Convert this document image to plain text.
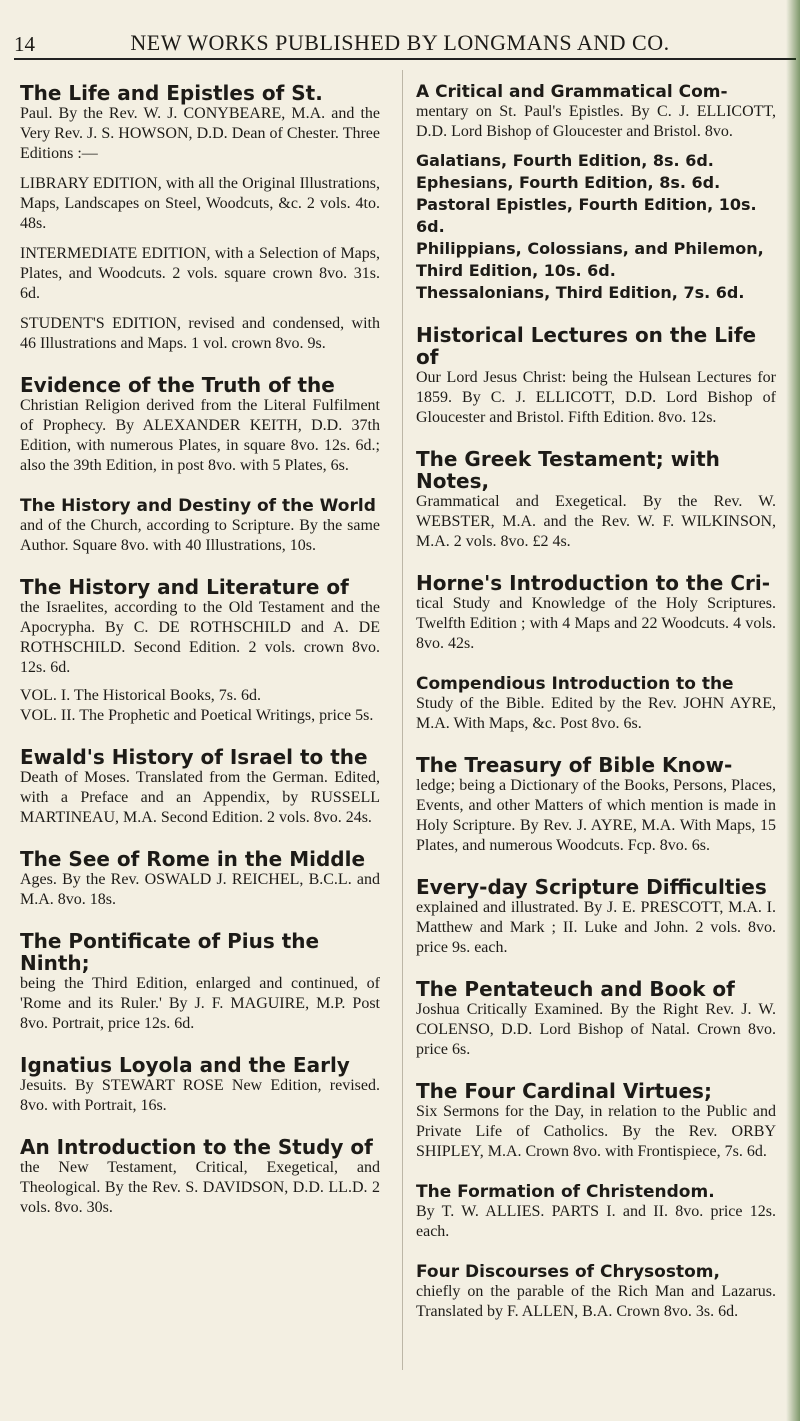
14	NEW WORKS PUBLISHED BY LONGMANS AND CO.

The Life and Epistles of St.

Paul. By the Rev. W. J. CONYBEARE, M.A. and the Very Rev. J. S. HOWSON, D.D. Dean of Chester. Three Editions :—

LIBRARY EDITION, with all the Original Illustrations, Maps, Landscapes on Steel, Woodcuts, &c. 2 vols. 4to. 48s.

INTERMEDIATE EDITION, with a Selection of Maps, Plates, and Woodcuts. 2 vols. square crown 8vo. 31s. 6d.

STUDENT'S EDITION, revised and condensed, with 46 Illustrations and Maps. 1 vol. crown 8vo. 9s.

Evidence of the Truth of the

Christian Religion derived from the Literal Fulfilment of Prophecy. By ALEXANDER KEITH, D.D. 37th Edition, with numerous Plates, in square 8vo. 12s. 6d.; also the 39th Edition, in post 8vo. with 5 Plates, 6s.

The History and Destiny of the World

and of the Church, according to Scripture. By the same Author. Square 8vo. with 40 Illustrations, 10s.

The History and Literature of

the Israelites, according to the Old Testament and the Apocrypha. By C. DE ROTHSCHILD and A. DE ROTHSCHILD. Second Edition. 2 vols. crown 8vo. 12s. 6d.

VOL. I. The Historical Books, 7s. 6d.

VOL. II. The Prophetic and Poetical Writings, price 5s.

Ewald's History of Israel to the

Death of Moses. Translated from the German. Edited, with a Preface and an Appendix, by RUSSELL MARTINEAU, M.A. Second Edition. 2 vols. 8vo. 24s.

The See of Rome in the Middle

Ages. By the Rev. OSWALD J. REICHEL, B.C.L. and M.A. 8vo. 18s.

The Pontificate of Pius the Ninth;

being the Third Edition, enlarged and continued, of 'Rome and its Ruler.' By J. F. MAGUIRE, M.P. Post 8vo. Portrait, price 12s. 6d.

Ignatius Loyola and the Early

Jesuits. By STEWART ROSE New Edition, revised. 8vo. with Portrait, 16s.

An Introduction to the Study of

the New Testament, Critical, Exegetical, and Theological. By the Rev. S. DAVIDSON, D.D. LL.D. 2 vols. 8vo. 30s.

A Critical and Grammatical Com-

mentary on St. Paul's Epistles. By C. J. ELLICOTT, D.D. Lord Bishop of Gloucester and Bristol. 8vo.

Galatians, Fourth Edition, 8s. 6d.

Ephesians, Fourth Edition, 8s. 6d.

Pastoral Epistles, Fourth Edition, 10s. 6d.

Philippians, Colossians, and Philemon, Third Edition, 10s. 6d.

Thessalonians, Third Edition, 7s. 6d.

Historical Lectures on the Life of

Our Lord Jesus Christ: being the Hulsean Lectures for 1859. By C. J. ELLICOTT, D.D. Lord Bishop of Gloucester and Bristol. Fifth Edition. 8vo. 12s.

The Greek Testament; with Notes,

Grammatical and Exegetical. By the Rev. W. WEBSTER, M.A. and the Rev. W. F. WILKINSON, M.A. 2 vols. 8vo. £2 4s.

Horne's Introduction to the Cri-

tical Study and Knowledge of the Holy Scriptures. Twelfth Edition ; with 4 Maps and 22 Woodcuts. 4 vols. 8vo. 42s.

Compendious Introduction to the

Study of the Bible. Edited by the Rev. JOHN AYRE, M.A. With Maps, &c. Post 8vo. 6s.

The Treasury of Bible Know-

ledge; being a Dictionary of the Books, Persons, Places, Events, and other Matters of which mention is made in Holy Scripture. By Rev. J. AYRE, M.A. With Maps, 15 Plates, and numerous Woodcuts. Fcp. 8vo. 6s.

Every-day Scripture Difficulties

explained and illustrated. By J. E. PRESCOTT, M.A. I. Matthew and Mark ; II. Luke and John. 2 vols. 8vo. price 9s. each.

The Pentateuch and Book of

Joshua Critically Examined. By the Right Rev. J. W. COLENSO, D.D. Lord Bishop of Natal. Crown 8vo. price 6s.

The Four Cardinal Virtues;

Six Sermons for the Day, in relation to the Public and Private Life of Catholics. By the Rev. ORBY SHIPLEY, M.A. Crown 8vo. with Frontispiece, 7s. 6d.

The Formation of Christendom.

By T. W. ALLIES. PARTS I. and II. 8vo. price 12s. each.

Four Discourses of Chrysostom,

chiefly on the parable of the Rich Man and Lazarus. Translated by F. ALLEN, B.A. Crown 8vo. 3s. 6d.
